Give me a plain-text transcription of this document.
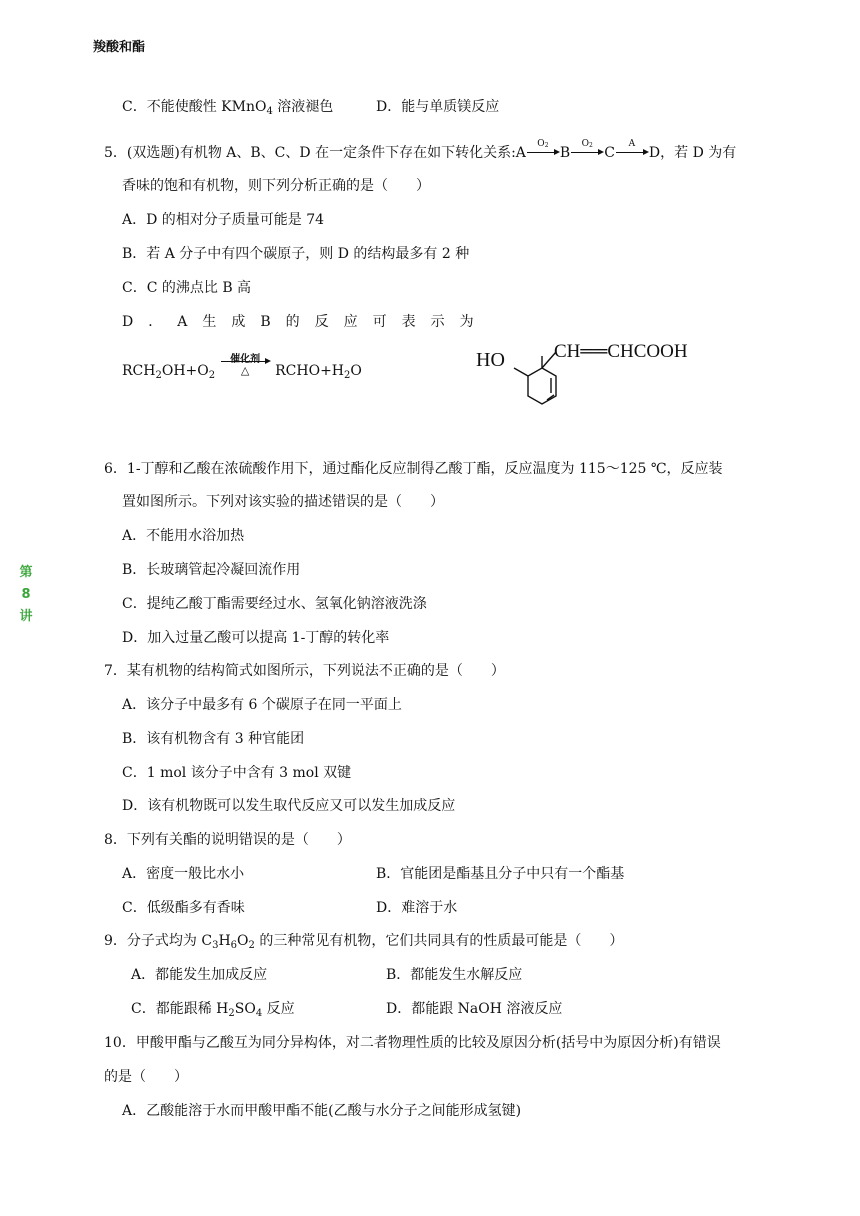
羧酸和酯
第
8
讲
C．不能使酸性 KMnO$_4$ 溶液褪色	D．能与单质镁反应
5．(双选题)有机物 A、B、C、D 在一定条件下存在如下转化关系:A
$O_2$ B
$O_2$ C
A
D，若 D 为有
香味的饱和有机物，则下列分析正确的是（　　）
A．D 的相对分子质量可能是 74
B．若 A 分子中有四个碳原子，则 D 的结构最多有 2 种
C．C 的沸点比 B 高
D．A生成B的反应可表示为
$RCH_2OH+O_2$
催化剂
△	$RCHO+H_2O$	HO	CH══CHCOOH
6．1-丁醇和乙酸在浓硫酸作用下，通过酯化反应制得乙酸丁酯，反应温度为 115～125 ℃，反应装
置如图所示。下列对该实验的描述错误的是（　　）
A．不能用水浴加热
B．长玻璃管起冷凝回流作用
C．提纯乙酸丁酯需要经过水、氢氧化钠溶液洗涤
D．加入过量乙酸可以提高 1-丁醇的转化率
7．某有机物的结构简式如图所示，下列说法不正确的是（　　）
A．该分子中最多有 6 个碳原子在同一平面上
B．该有机物含有 3 种官能团
C．1 mol 该分子中含有 3 mol 双键
D．该有机物既可以发生取代反应又可以发生加成反应
8．下列有关酯的说明错误的是（　　）
A．密度一般比水小	B．官能团是酯基且分子中只有一个酯基
C．低级酯多有香味	D．难溶于水
9．分子式均为 $C_3H_6O_2$ 的三种常见有机物，它们共同具有的性质最可能是（　　）
A．都能发生加成反应	B．都能发生水解反应
C．都能跟稀 $H_2SO_4$ 反应	D．都能跟 NaOH 溶液反应
10．甲酸甲酯与乙酸互为同分异构体，对二者物理性质的比较及原因分析(括号中为原因分析)有错误
的是（　　）
A．乙酸能溶于水而甲酸甲酯不能(乙酸与水分子之间能形成氢键)
